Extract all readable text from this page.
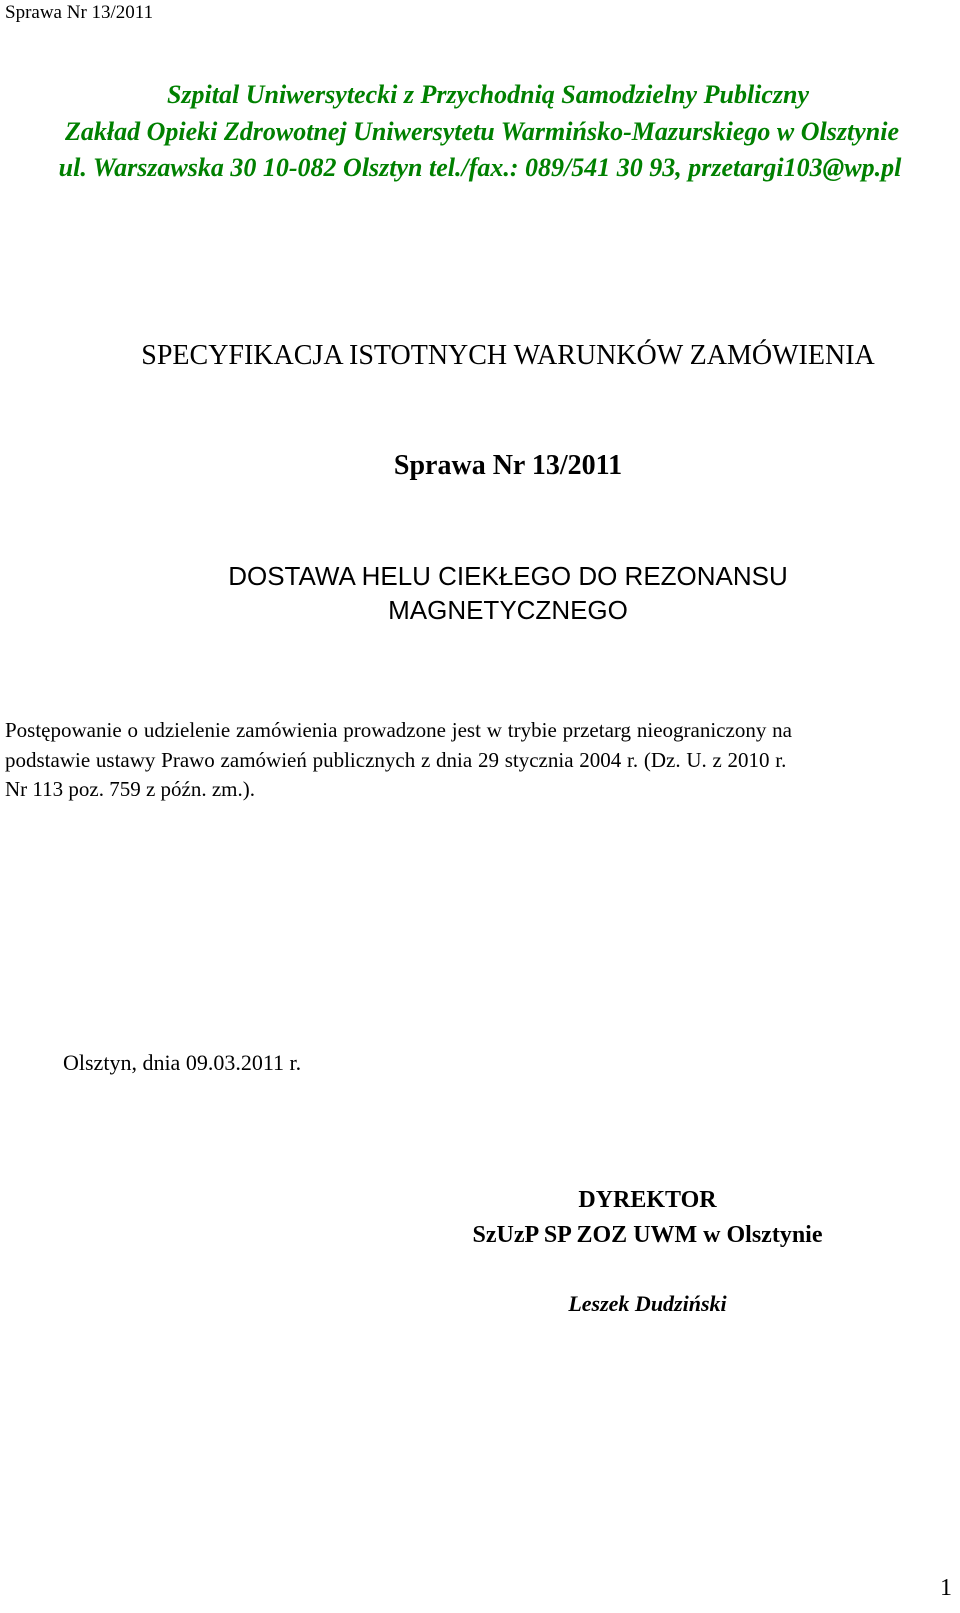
Sprawa Nr 13/2011

Szpital Uniwersytecki z Przychodnią Samodzielny Publiczny

Zakład Opieki Zdrowotnej Uniwersytetu Warmińsko-Mazurskiego w Olsztynie

ul. Warszawska 30 10-082 Olsztyn tel./fax.: 089/541 30 93, przetargi103@wp.pl

SPECYFIKACJA ISTOTNYCH WARUNKÓW ZAMÓWIENIA

Sprawa Nr 13/2011

DOSTAWA HELU CIEKŁEGO DO REZONANSU

MAGNETYCZNEGO

Postępowanie o udzielenie zamówienia prowadzone jest w trybie przetarg nieograniczony na

podstawie ustawy Prawo zamówień publicznych z dnia 29 stycznia 2004 r. (Dz. U. z 2010 r.

Nr 113 poz. 759 z późn. zm.).

Olsztyn, dnia 09.03.2011 r.

DYREKTOR

SzUzP SP ZOZ UWM w Olsztynie

Leszek Dudziński

1
